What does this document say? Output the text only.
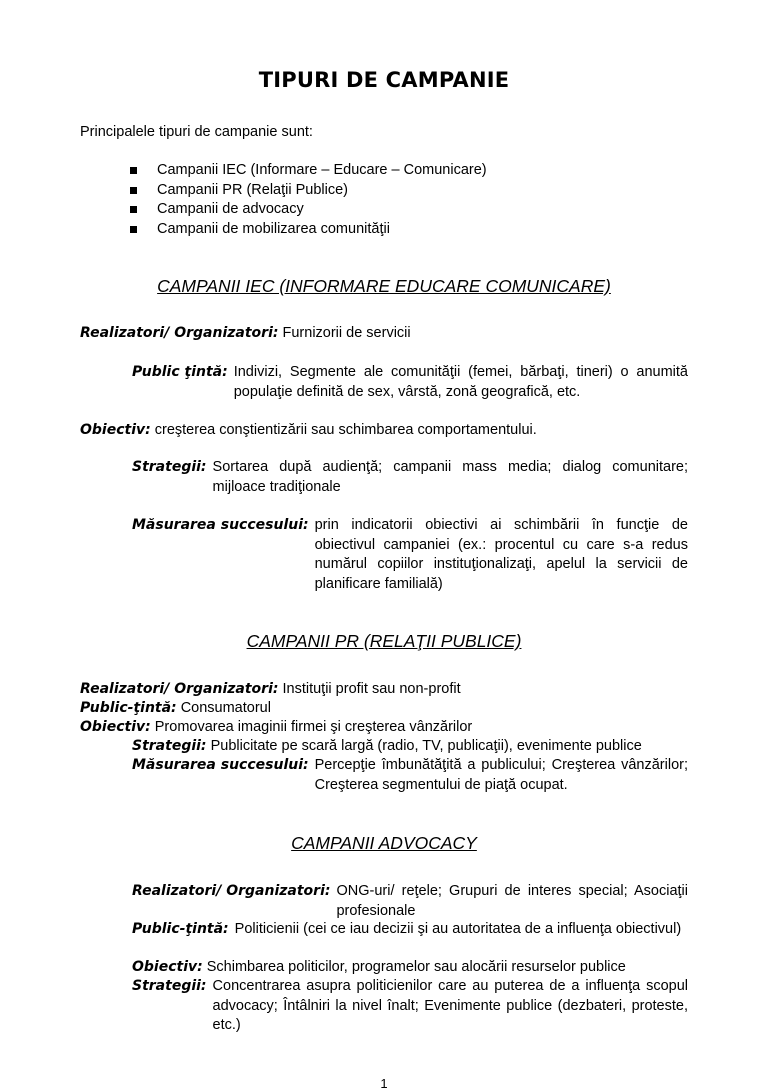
TIPURI DE CAMPANIE
Principalele tipuri de campanie sunt:
Campanii IEC (Informare – Educare – Comunicare)
Campanii PR (Relaţii Publice)
Campanii de advocacy
Campanii de mobilizarea comunităţii
CAMPANII IEC (INFORMARE EDUCARE COMUNICARE)
Realizatori/ Organizatori: Furnizorii de servicii
Public ţintă: Indivizi, Segmente ale comunităţii (femei, bărbaţi, tineri) o anumită populaţie definită de sex, vârstă, zonă geografică, etc.
Obiectiv: creşterea conştientizării sau schimbarea comportamentului.
Strategii: Sortarea după audienţă; campanii mass media; dialog comunitare; mijloace tradiţionale
Măsurarea succesului: prin indicatorii obiectivi ai schimbării în funcţie de obiectivul campaniei (ex.: procentul cu care s-a redus numărul copiilor instituţionalizaţi, apelul la servicii de planificare familială)
CAMPANII PR (RELAŢII PUBLICE)
Realizatori/ Organizatori: Instituţii profit sau non-profit
Public-ţintă: Consumatorul
Obiectiv: Promovarea imaginii firmei şi creşterea vânzărilor
Strategii: Publicitate pe scară largă (radio, TV, publicaţii), evenimente publice
Măsurarea succesului: Percepţie îmbunătăţită a publicului; Creşterea vânzărilor; Creşterea segmentului de piaţă ocupat.
CAMPANII ADVOCACY
Realizatori/ Organizatori: ONG-uri/ reţele; Grupuri de interes special; Asociaţii profesionale
Public-ţintă: Politicienii (cei ce iau decizii şi au autoritatea de a influenţa obiectivul)
Obiectiv: Schimbarea politicilor, programelor sau alocării resurselor publice
Strategii: Concentrarea asupra politicienilor care au puterea de a influenţa scopul advocacy; Întâlniri la nivel înalt; Evenimente publice (dezbateri, proteste, etc.)
1
